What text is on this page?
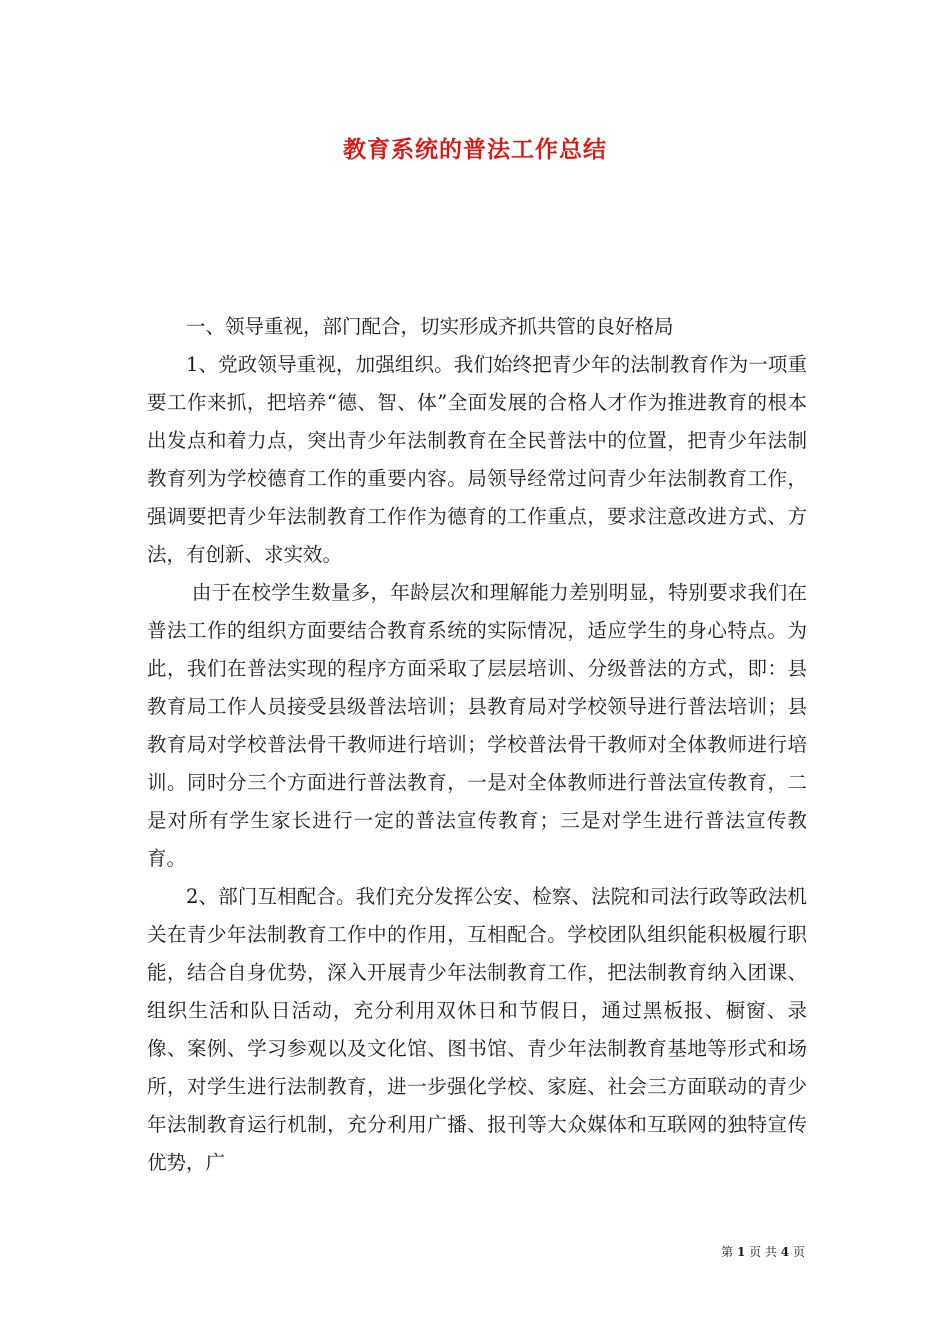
教育系统的普法工作总结

一、领导重视，部门配合，切实形成齐抓共管的良好格局

1、党政领导重视，加强组织。我们始终把青少年的法制教育作为一项重要工作来抓，把培养“德、智、体”全面发展的合格人才作为推进教育的根本出发点和着力点，突出青少年法制教育在全民普法中的位置，把青少年法制教育列为学校德育工作的重要内容。局领导经常过问青少年法制教育工作，强调要把青少年法制教育工作作为德育的工作重点，要求注意改进方式、方法，有创新、求实效。

由于在校学生数量多，年龄层次和理解能力差别明显，特别要求我们在普法工作的组织方面要结合教育系统的实际情况，适应学生的身心特点。为此，我们在普法实现的程序方面采取了层层培训、分级普法的方式，即：县教育局工作人员接受县级普法培训；县教育局对学校领导进行普法培训；县教育局对学校普法骨干教师进行培训；学校普法骨干教师对全体教师进行培训。同时分三个方面进行普法教育，一是对全体教师进行普法宣传教育，二是对所有学生家长进行一定的普法宣传教育；三是对学生进行普法宣传教育。

2、部门互相配合。我们充分发挥公安、检察、法院和司法行政等政法机关在青少年法制教育工作中的作用，互相配合。学校团队组织能积极履行职能，结合自身优势，深入开展青少年法制教育工作，把法制教育纳入团课、组织生活和队日活动，充分利用双休日和节假日，通过黑板报、橱窗、录像、案例、学习参观以及文化馆、图书馆、青少年法制教育基地等形式和场所，对学生进行法制教育，进一步强化学校、家庭、社会三方面联动的青少年法制教育运行机制，充分利用广播、报刊等大众媒体和互联网的独特宣传优势，广

第 1 页 共 4 页
